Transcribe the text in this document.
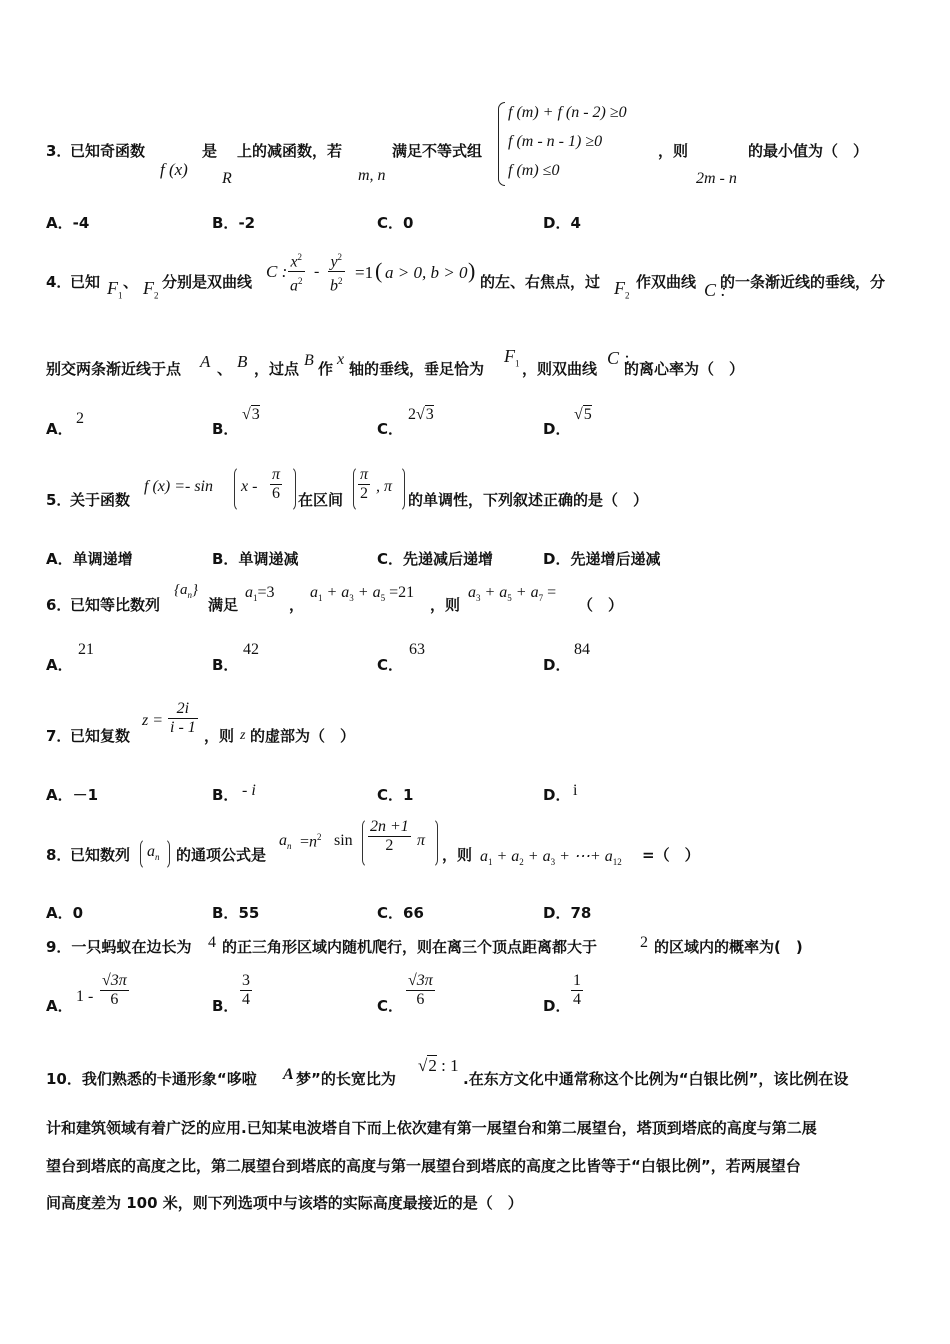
3．
已知奇函数
f (x)
是
R
上的减函数，若
m, n
满足不等式组
f (m) + f (n - 2) ≥0
f (m - n - 1) ≥0
f (m) ≤0
，则
2m - n
的最小值为（　）
A．-4	B．-2	C．0	D．4
4．
已知 $F_1$
、 $F_2$
分别是双曲线
C : $\frac{x^2}{a^2} - \frac{y^2}{b^2} =1$ ( a > 0, b > 0 ) 的左、右焦点，过 $F_2$
作双曲线 C :
的一条渐近线的垂线，分
别交两条渐近线于点 A 、 B ，过点 B 作
x
轴的垂线，垂足恰为
$F_1$ ，则双曲线
C :
的离心率为（　）
A．
2
B．
√3
C．
2√3
D．
√5
5．
关于函数
f $(x) =- \sin x - \frac{\pi}{6}$ 在区间 $\frac{\pi}{2}$ , π
的单调性，下列叙述正确的是（　）
A．单调递增	B．单调递减	C．先递减后递增	D．先递增后递减
6．
已知等比数列
$\{a_n\}$
满足
$a_1=3$
，
$a_1 + a_3 + a_5 =21$
，则
$a_3 + a_5 + a_7$ =
（　）
A．
21
B．
42
C．
63
D．
84
7．
已知复数
$z = \frac{2i}{i - 1}$ ，则 z 的虚部为（　）
A．－1	B． - i	C．1	D． i
8．
已知数列 $a_n$ 的通项公式是
$a_n =n^2$ $\sin \frac{2n +1}{2}$ π
，则 $a_1 + a_2 + a_3$ + ⋯+ $a_{12}$ =（　）
A．0	B．55	C．66	D．78
9．一只蚂蚁在边长为 4 的正三角形区域内随机爬行，则在离三个顶点距离都大于	2 的区域内的概率为(　)
A．
$1 - \frac{√3\pi}{6}$	B． $\frac{3}{4}$	C． $\frac{√3\pi}{6}$	D． $\frac{1}{4}$
10．我们熟悉的卡通形象“哆啦 A 梦”的长宽比为
√2 : 1
.在东方文化中通常称这个比例为“白银比例”，该比例在设
计和建筑领域有着广泛的应用.已知某电波塔自下而上依次建有第一展望台和第二展望台，塔顶到塔底的高度与第二展
望台到塔底的高度之比，第二展望台到塔底的高度与第一展望台到塔底的高度之比皆等于“白银比例”，若两展望台
间高度差为 100 米，则下列选项中与该塔的实际高度最接近的是（　）
